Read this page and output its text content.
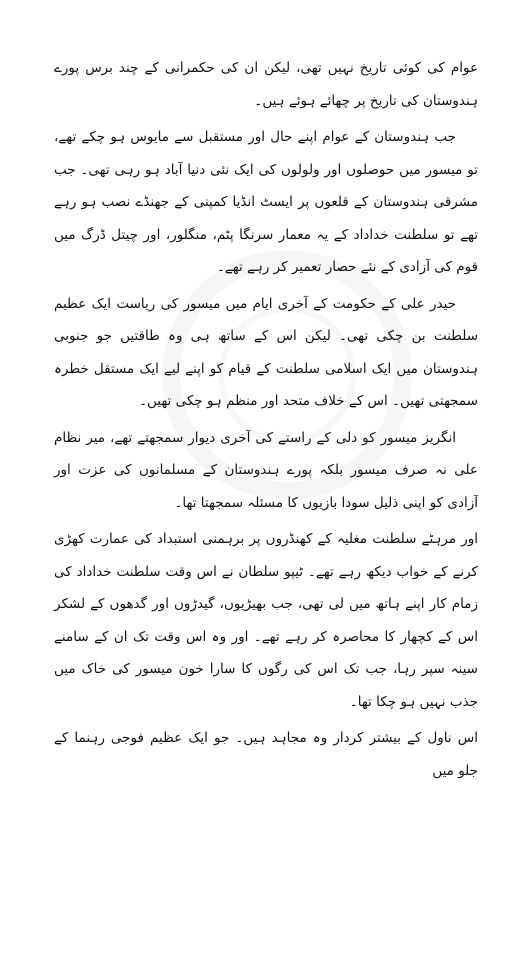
عوام کی کوئی تاریخ نہیں تھی، لیکن ان کی حکمرانی کے چند برس پورے ہندوستان کی تاریخ پر چھائے ہوئے ہیں۔

جب ہندوستان کے عوام اپنے حال اور مستقبل سے مایوس ہو چکے تھے، تو میسور میں حوصلوں اور ولولوں کی ایک نئی دنیا آباد ہو رہی تھی۔ جب مشرقی ہندوستان کے قلعوں پر ایسٹ انڈیا کمپنی کے جھنڈے نصب ہو رہے تھے تو سلطنت خداداد کے یہ معمار سرنگا پٹم، منگلور، اور چیتل ڈرگ میں قوم کی آزادی کے نئے حصار تعمیر کر رہے تھے۔

حیدر علی کے حکومت کے آخری ایام میں میسور کی ریاست ایک عظیم سلطنت بن چکی تھی۔ لیکن اس کے ساتھ ہی وہ طاقتیں جو جنوبی ہندوستان میں ایک اسلامی سلطنت کے قیام کو اپنے لیے ایک مستقل خطرہ سمجھتی تھیں۔ اس کے خلاف متحد اور منظم ہو چکی تھیں۔

انگریز میسور کو دلی کے راستے کی آخری دیوار سمجھتے تھے، میر نظام علی نہ صرف میسور بلکہ پورے ہندوستان کے مسلمانوں کی عزت اور آزادی کو اپنی ذلیل سودا بازیوں کا مسئلہ سمجھتا تھا۔

اور مرہٹے سلطنت مغلیہ کے کھنڈروں پر برہمنی استبداد کی عمارت کھڑی کرنے کے خواب دیکھ رہے تھے۔ ٹیپو سلطان نے اس وقت سلطنت خداداد کی زمام کار اپنے ہاتھ میں لی تھی، جب بھیڑیوں، گیدڑوں اور گدھوں کے لشکر اس کے کچھار کا محاصرہ کر رہے تھے۔ اور وہ اس وقت تک ان کے سامنے سینہ سپر رہا، جب تک اس کی رگوں کا سارا خون میسور کی خاک میں جذب نہیں ہو چکا تھا۔

اس ناول کے بیشتر کردار وہ مجاہد ہیں۔ جو ایک عظیم فوجی رہنما کے جلو میں
